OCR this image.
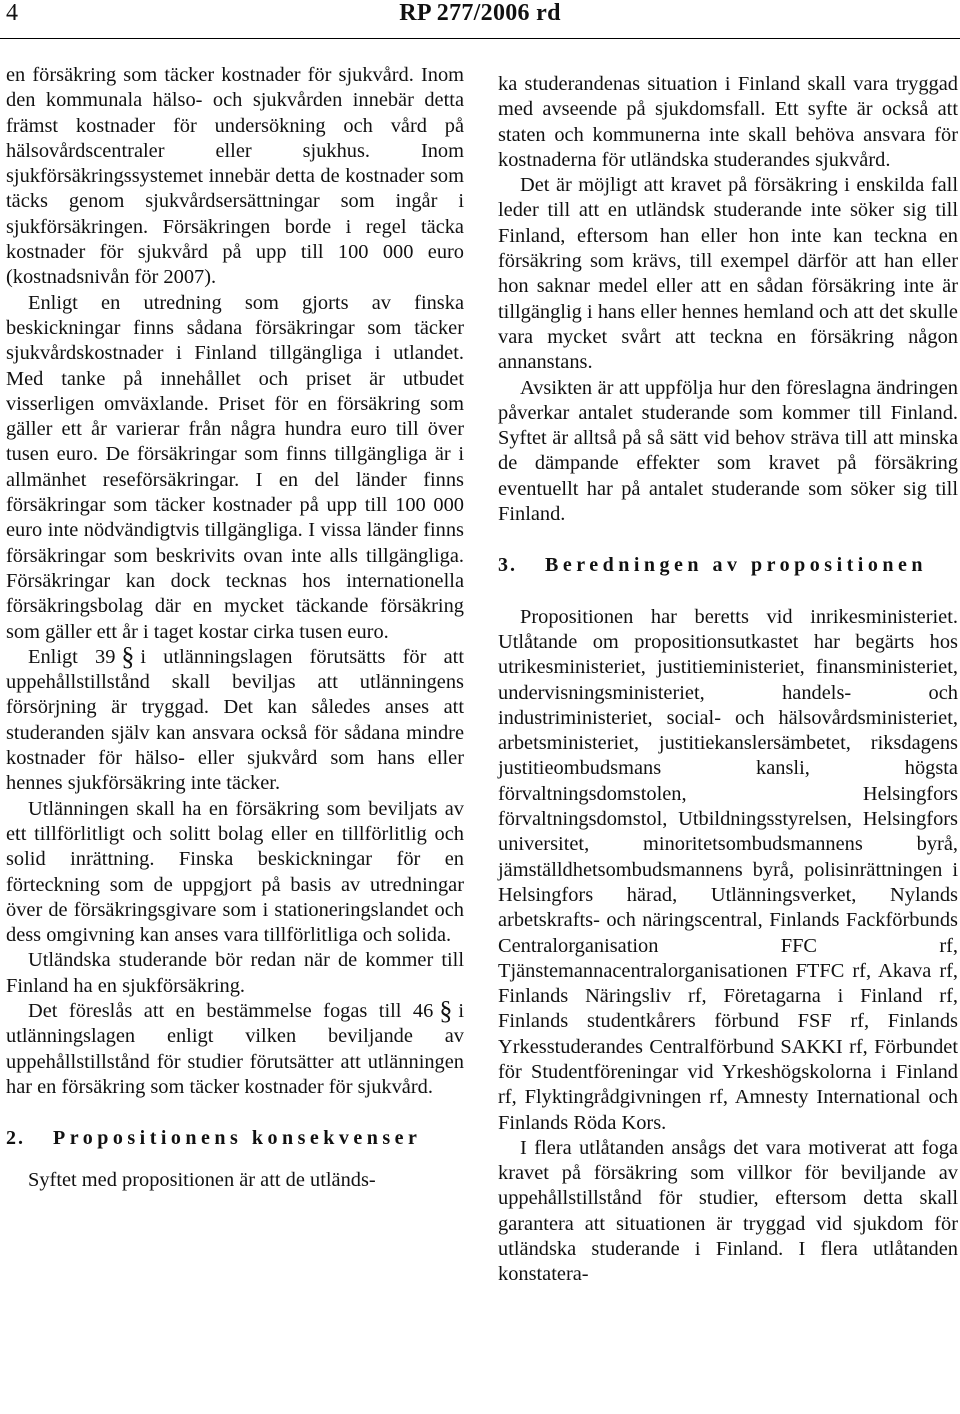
4	RP 277/2006 rd

en försäkring som täcker kostnader för sjukvård. Inom den kommunala hälso- och sjukvården innebär detta främst kostnader för undersökning och vård på hälsovårdscentraler eller sjukhus. Inom sjukförsäkringssystemet innebär detta de kostnader som täcks genom sjukvårdsersättningar som ingår i sjukförsäkringen. Försäkringen borde i regel täcka kostnader för sjukvård på upp till 100 000 euro (kostnadsnivån för 2007).

Enligt en utredning som gjorts av finska beskickningar finns sådana försäkringar som täcker sjukvårdskostnader i Finland tillgängliga i utlandet. Med tanke på innehållet och priset är utbudet visserligen omväxlande. Priset för en försäkring som gäller ett år varierar från några hundra euro till över tusen euro. De försäkringar som finns tillgängliga är i allmänhet reseförsäkringar. I en del länder finns försäkringar som täcker kostnader på upp till 100 000 euro inte nödvändigtvis tillgängliga. I vissa länder finns försäkringar som beskrivits ovan inte alls tillgängliga. Försäkringar kan dock tecknas hos internationella försäkringsbolag där en mycket täckande försäkring som gäller ett år i taget kostar cirka tusen euro.

Enligt 39 § i utlänningslagen förutsätts för att uppehållstillstånd skall beviljas att utlänningens försörjning är tryggad. Det kan således anses att studeranden själv kan ansvara också för sådana mindre kostnader för hälso- eller sjukvård som hans eller hennes sjukförsäkring inte täcker.

Utlänningen skall ha en försäkring som beviljats av ett tillförlitligt och solitt bolag eller en tillförlitlig och solid inrättning. Finska beskickningar för en förteckning som de uppgjort på basis av utredningar över de försäkringsgivare som i stationeringslandet och dess omgivning kan anses vara tillförlitliga och solida.

Utländska studerande bör redan när de kommer till Finland ha en sjukförsäkring.

Det föreslås att en bestämmelse fogas till 46 § i utlänningslagen enligt vilken beviljande av uppehållstillstånd för studier förutsätter att utlänningen har en försäkring som täcker kostnader för sjukvård.

2. Propositionens konsekvenser

Syftet med propositionen är att de utländs-

ka studerandenas situation i Finland skall vara tryggad med avseende på sjukdomsfall. Ett syfte är också att staten och kommunerna inte skall behöva ansvara för kostnaderna för utländska studerandes sjukvård.

Det är möjligt att kravet på försäkring i enskilda fall leder till att en utländsk studerande inte söker sig till Finland, eftersom han eller hon inte kan teckna en försäkring som krävs, till exempel därför att han eller hon saknar medel eller att en sådan försäkring inte är tillgänglig i hans eller hennes hemland och att det skulle vara mycket svårt att teckna en försäkring någon annanstans.

Avsikten är att uppfölja hur den föreslagna ändringen påverkar antalet studerande som kommer till Finland. Syftet är alltså på så sätt vid behov sträva till att minska de dämpande effekter som kravet på försäkring eventuellt har på antalet studerande som söker sig till Finland.

3. Beredningen av propositionen

Propositionen har beretts vid inrikesministeriet. Utlåtande om propositionsutkastet har begärts hos utrikesministeriet, justitieministeriet, finansministeriet, undervisningsministeriet, handels- och industriministeriet, social- och hälsovårdsministeriet, arbetsministeriet, justitiekanslersämbetet, riksdagens justitieombudsmans kansli, högsta förvaltningsdomstolen, Helsingfors förvaltningsdomstol, Utbildningsstyrelsen, Helsingfors universitet, minoritetsombudsmannens byrå, jämställdhetsombudsmannens byrå, polisinrättningen i Helsingfors härad, Utlänningsverket, Nylands arbetskrafts- och näringscentral, Finlands Fackförbunds Centralorganisation FFC rf, Tjänstemannacentralorganisationen FTFC rf, Akava rf, Finlands Näringsliv rf, Företagarna i Finland rf, Finlands studentkårers förbund FSF rf, Finlands Yrkesstuderandes Centralförbund SAKKI rf, Förbundet för Studentföreningar vid Yrkeshögskolorna i Finland rf, Flyktingrådgivningen rf, Amnesty International och Finlands Röda Kors.

I flera utlåtanden ansågs det vara motiverat att foga kravet på försäkring som villkor för beviljande av uppehållstillstånd för studier, eftersom detta skall garantera att situationen är tryggad vid sjukdom för utländska studerande i Finland. I flera utlåtanden konstatera-
